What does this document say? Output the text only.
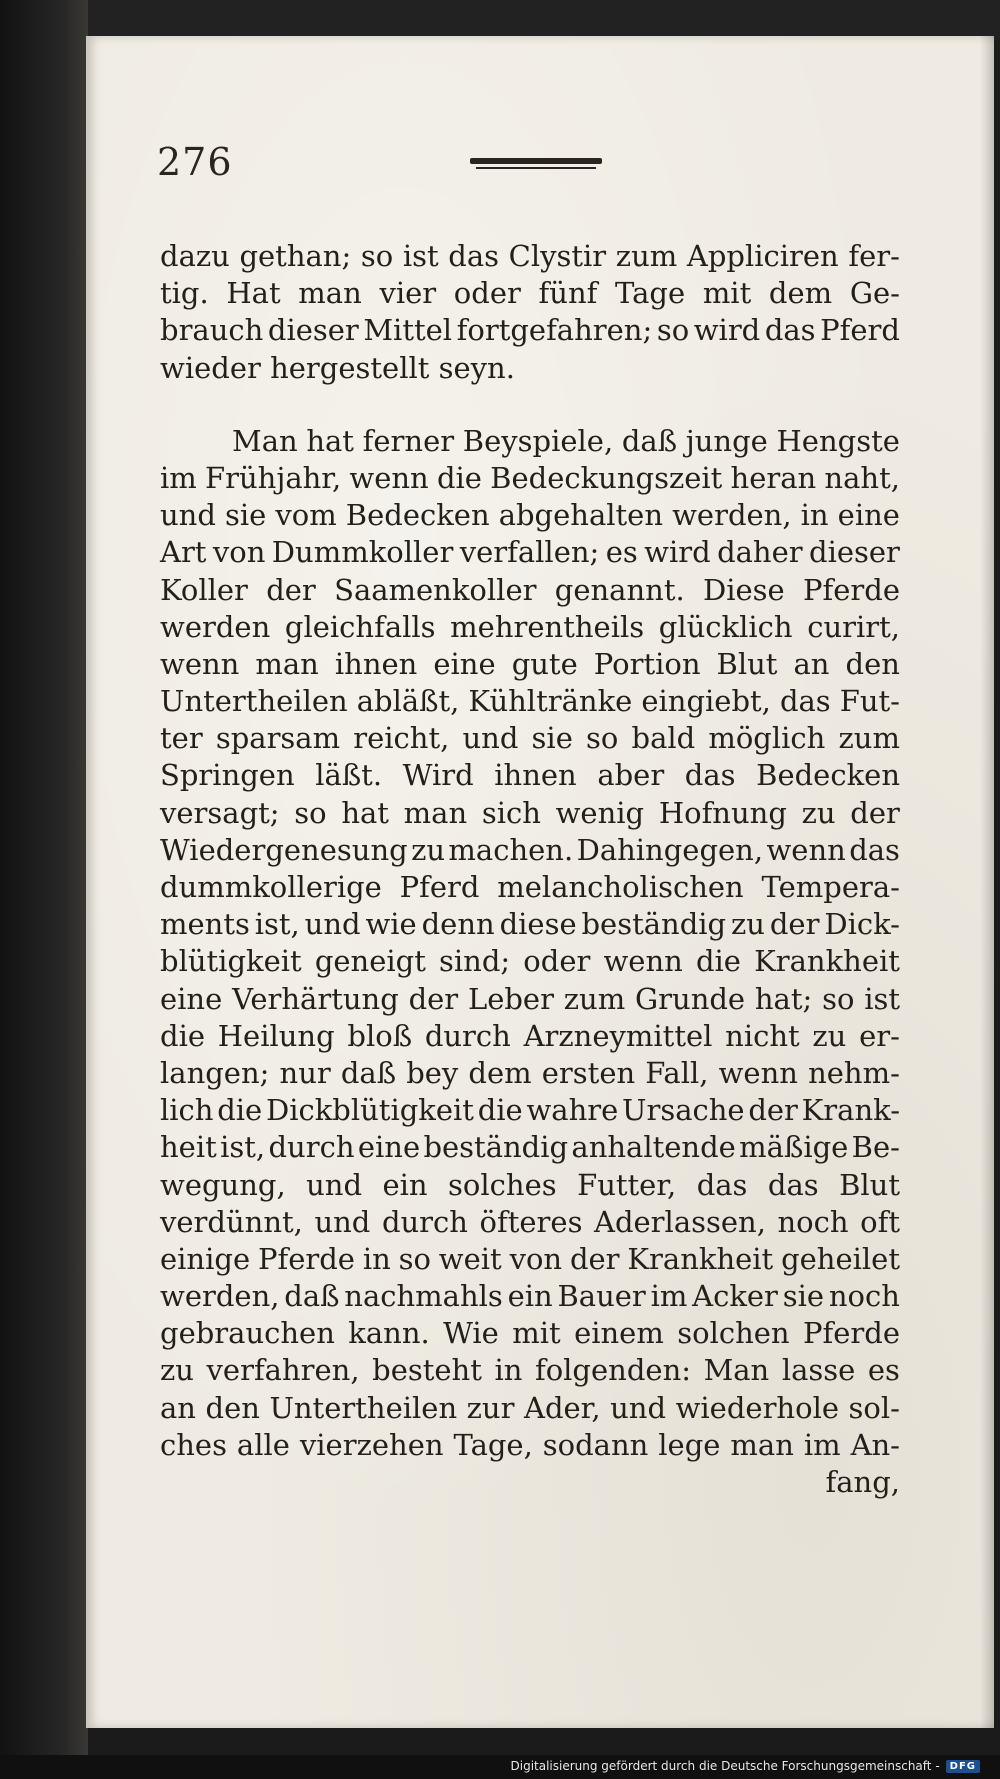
276
dazu gethan; so ist das Clystir zum Appliciren fer-
tig. Hat man vier oder fünf Tage mit dem Ge-
brauch dieser Mittel fortgefahren; so wird das Pferd
wieder hergestellt seyn.
Man hat ferner Beyspiele, daß junge Hengste
im Frühjahr, wenn die Bedeckungszeit heran naht,
und sie vom Bedecken abgehalten werden, in eine
Art von Dummkoller verfallen; es wird daher dieser
Koller der Saamenkoller genannt. Diese Pferde
werden gleichfalls mehrentheils glücklich curirt,
wenn man ihnen eine gute Portion Blut an den
Untertheilen abläßt, Kühltränke eingiebt, das Fut-
ter sparsam reicht, und sie so bald möglich zum
Springen läßt. Wird ihnen aber das Bedecken
versagt; so hat man sich wenig Hofnung zu der
Wiedergenesung zu machen. Dahingegen, wenn das
dummkollerige Pferd melancholischen Tempera-
ments ist, und wie denn diese beständig zu der Dick-
blütigkeit geneigt sind; oder wenn die Krankheit
eine Verhärtung der Leber zum Grunde hat; so ist
die Heilung bloß durch Arzneymittel nicht zu er-
langen; nur daß bey dem ersten Fall, wenn nehm-
lich die Dickblütigkeit die wahre Ursache der Krank-
heit ist, durch eine beständig anhaltende mäßige Be-
wegung, und ein solches Futter, das das Blut
verdünnt, und durch öfteres Aderlassen, noch oft
einige Pferde in so weit von der Krankheit geheilet
werden, daß nachmahls ein Bauer im Acker sie noch
gebrauchen kann. Wie mit einem solchen Pferde
zu verfahren, besteht in folgenden: Man lasse es
an den Untertheilen zur Ader, und wiederhole sol-
ches alle vierzehen Tage, sodann lege man im An-
fang,
Digitalisierung gefördert durch die Deutsche Forschungsgemeinschaft -	DFG
